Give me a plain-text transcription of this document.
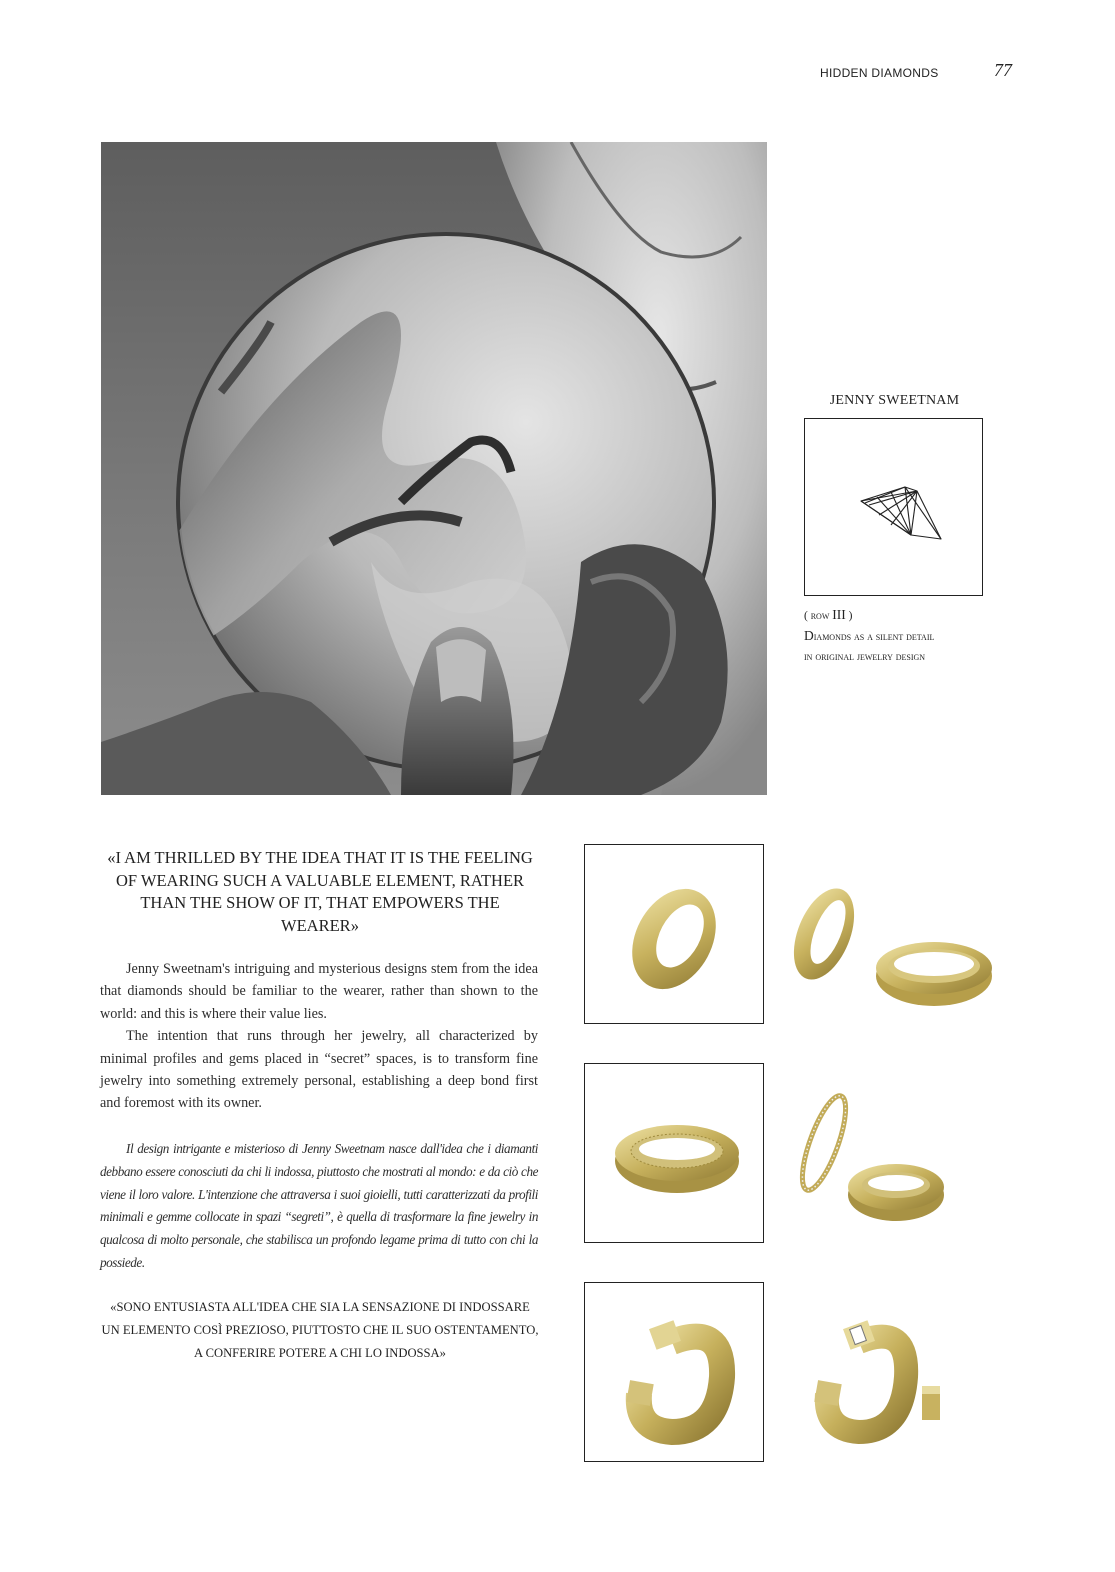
HIDDEN DIAMONDS	77
JENNY SWEETNAM
( row III )
Diamonds as a silent detail
in original jewelry design
«I AM THRILLED BY THE IDEA THAT IT IS THE FEELING OF WEARING SUCH A VALUABLE ELEMENT, RATHER THAN THE SHOW OF IT, THAT EMPOWERS THE WEARER»

Jenny Sweetnam's intriguing and mysterious designs stem from the idea that diamonds should be familiar to the wearer, rather than shown to the world: and this is where their value lies.

The intention that runs through her jewelry, all characterized by minimal profiles and gems placed in “secret” spaces, is to transform fine jewelry into something extremely personal, establishing a deep bond first and foremost with its owner.

Il design intrigante e misterioso di Jenny Sweetnam nasce dall'idea che i diamanti debbano essere conosciuti da chi li indossa, piuttosto che mostrati al mondo: e da ciò che viene il loro valore. L'intenzione che attraversa i suoi gioielli, tutti caratterizzati da profili minimali e gemme collocate in spazi “segreti”, è quella di trasformare la fine jewelry in qualcosa di molto personale, che stabilisca un profondo legame prima di tutto con chi la possiede.

«SONO ENTUSIASTA ALL'IDEA CHE SIA LA SENSAZIONE DI INDOSSARE UN ELEMENTO COSÌ PREZIOSO, PIUTTOSTO CHE IL SUO OSTENTAMENTO, A CONFERIRE POTERE A CHI LO INDOSSA»
